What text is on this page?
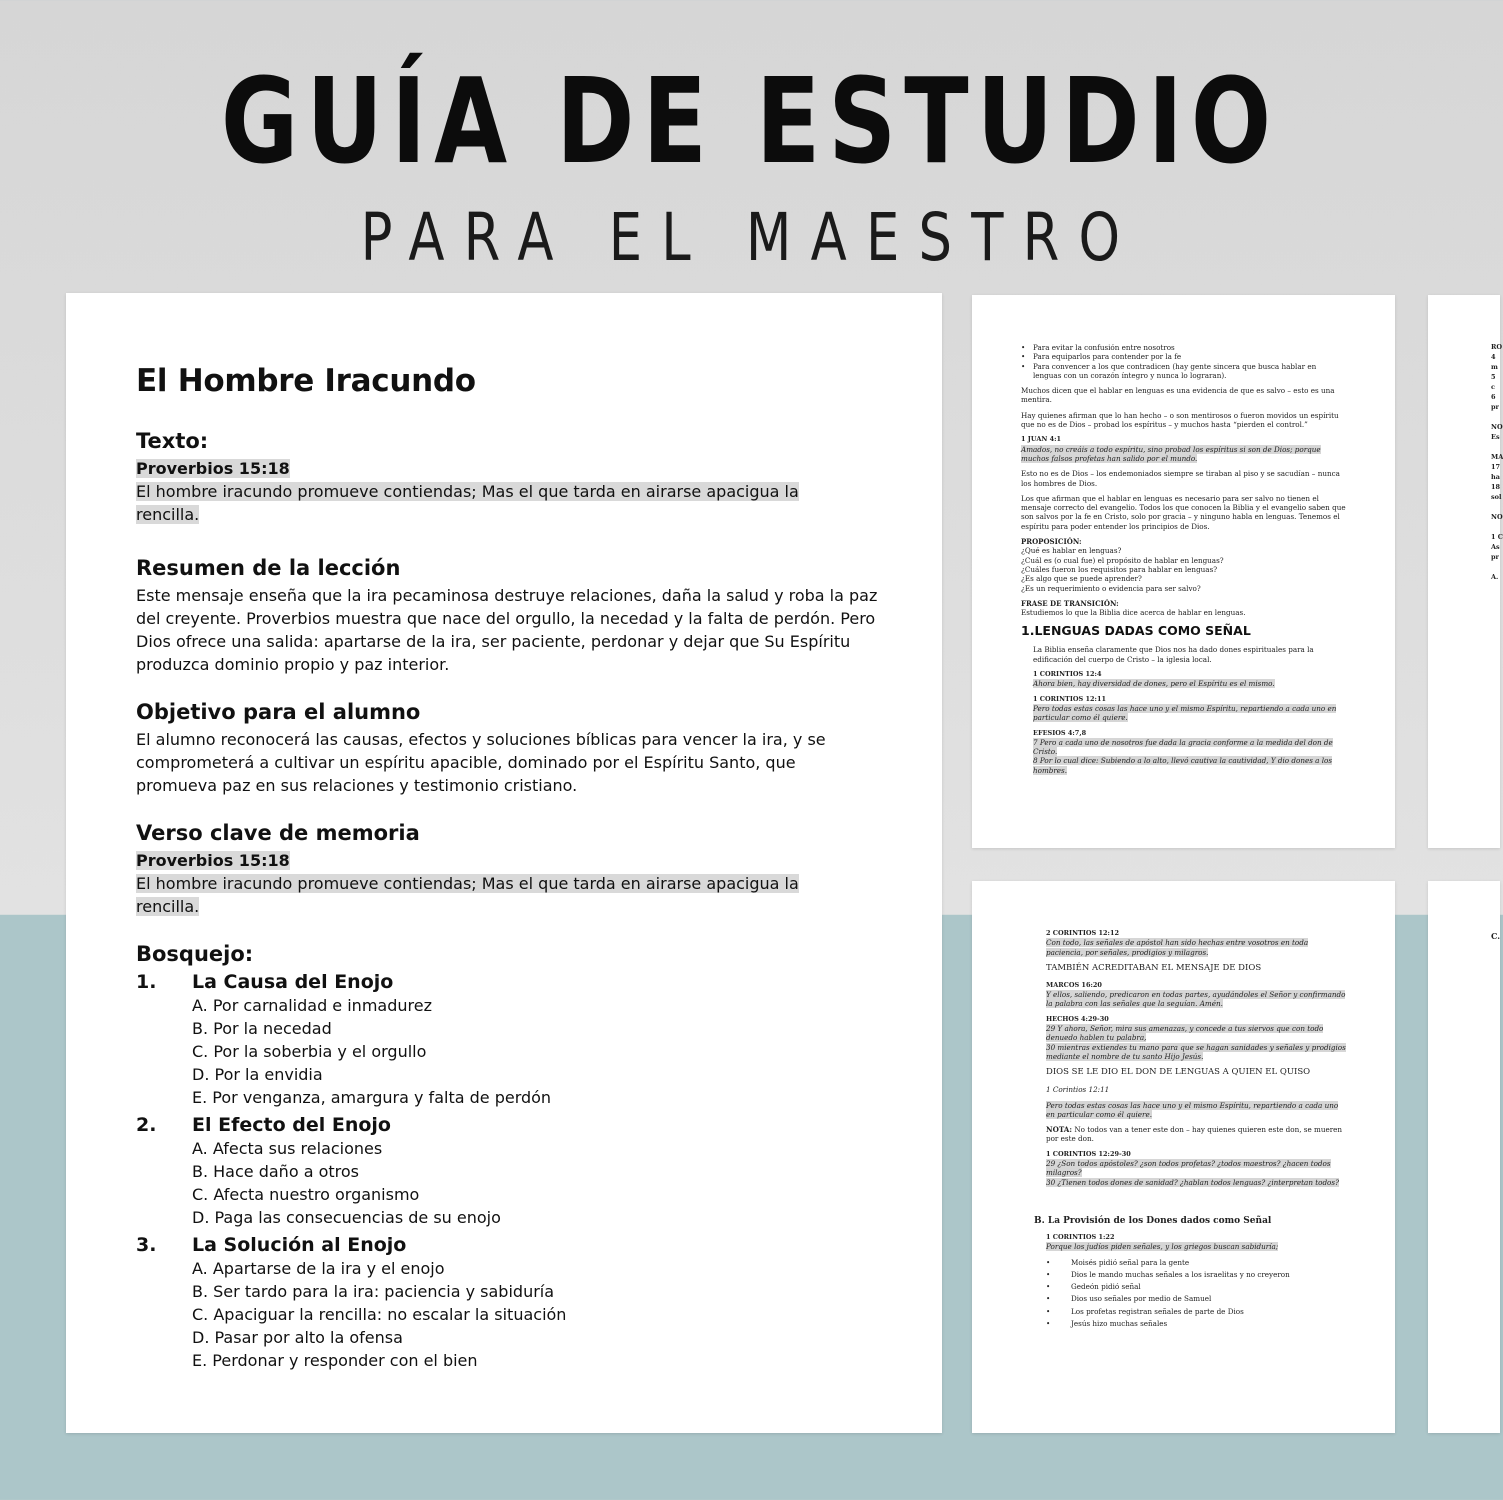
GUÍA DE ESTUDIO
PARA EL MAESTRO
El Hombre Iracundo
Texto:
Proverbios 15:18
El hombre iracundo promueve contiendas; Mas el que tarda en airarse apacigua la rencilla.
Resumen de la lección
Este mensaje enseña que la ira pecaminosa destruye relaciones, daña la salud y roba la paz del creyente. Proverbios muestra que nace del orgullo, la necedad y la falta de perdón. Pero Dios ofrece una salida: apartarse de la ira, ser paciente, perdonar y dejar que Su Espíritu produzca dominio propio y paz interior.
Objetivo para el alumno
El alumno reconocerá las causas, efectos y soluciones bíblicas para vencer la ira, y se comprometerá a cultivar un espíritu apacible, dominado por el Espíritu Santo, que promueva paz en sus relaciones y testimonio cristiano.
Verso clave de memoria
Proverbios 15:18
El hombre iracundo promueve contiendas; Mas el que tarda en airarse apacigua la rencilla.
Bosquejo:
1.	La Causa del Enojo
A. Por carnalidad e inmadurez
B. Por la necedad
C. Por la soberbia y el orgullo
D. Por la envidia
E. Por venganza, amargura y falta de perdón
2.	El Efecto del Enojo
A. Afecta sus relaciones
B. Hace daño a otros
C. Afecta nuestro organismo
D. Paga las consecuencias de su enojo
3.	La Solución al Enojo
A. Apartarse de la ira y el enojo
B. Ser tardo para la ira: paciencia y sabiduría
C. Apaciguar la rencilla: no escalar la situación
D. Pasar por alto la ofensa
E. Perdonar y responder con el bien
•	Para evitar la confusión entre nosotros
•	Para equiparlos para contender por la fe
•	Para convencer a los que contradicen (hay gente sincera que busca hablar en lenguas con un corazón íntegro y nunca lo lograran).

Muchos dicen que el hablar en lenguas es una evidencia de que es salvo – esto es una mentira.

Hay quienes afirman que lo han hecho – o son mentirosos o fueron movidos un espíritu que no es de Dios – probad los espíritus – y muchos hasta “pierden el control.”

1 JUAN 4:1

Amados, no creáis a todo espíritu, sino probad los espíritus si son de Dios; porque muchos falsos profetas han salido por el mundo.

Esto no es de Dios – los endemoniados siempre se tiraban al piso y se sacudían – nunca los hombres de Dios.

Los que afirman que el hablar en lenguas es necesario para ser salvo no tienen el mensaje correcto del evangelio. Todos los que conocen la Biblia y el evangelio saben que son salvos por la fe en Cristo, solo por gracia – y ninguno habla en lenguas. Tenemos el espíritu para poder entender los principios de Dios.

PROPOSICIÓN:
¿Qué es hablar en lenguas?
¿Cuál es (o cual fue) el propósito de hablar en lenguas?
¿Cuáles fueron los requisitos para hablar en lenguas?
¿Es algo que se puede aprender?
¿Es un requerimiento o evidencia para ser salvo?
FRASE DE TRANSICIÓN:
Estudiemos lo que la Biblia dice acerca de hablar en lenguas.
1.LENGUAS DADAS COMO SEÑAL

La Biblia enseña claramente que Dios nos ha dado dones espirituales para la edificación del cuerpo de Cristo – la iglesia local.

1 CORINTIOS 12:4

Ahora bien, hay diversidad de dones, pero el Espíritu es el mismo.

1 CORINTIOS 12:11

Pero todas estas cosas las hace uno y el mismo Espíritu, repartiendo a cada uno en particular como él quiere.

EFESIOS 4:7,8
7 Pero a cada uno de nosotros fue dada la gracia conforme a la medida del don de Cristo.
8 Por lo cual dice: Subiendo a lo alto, llevó cautiva la cautividad, Y dio dones a los hombres.
RO
4
m
5
c
6
pr

NO
Es

MA
17
ha
18
sol

NO

1 C
As
pr

A.
2 CORINTIOS 12:12

Con todo, las señales de apóstol han sido hechas entre vosotros en toda paciencia, por señales, prodigios y milagros.

TAMBIÉN ACREDITABAN EL MENSAJE DE DIOS
MARCOS 16:20

Y ellos, saliendo, predicaron en todas partes, ayudándoles el Señor y confirmando la palabra con las señales que la seguían. Amén.

HECHOS 4:29-30
29 Y ahora, Señor, mira sus amenazas, y concede a tus siervos que con todo denuedo hablen tu palabra,

30 mientras extiendes tu mano para que se hagan sanidades y señales y prodigios mediante el nombre de tu santo Hijo Jesús.

DIOS SE LE DIO EL DON DE LENGUAS A QUIEN EL QUISO

1 Corintios 12:11

Pero todas estas cosas las hace uno y el mismo Espíritu, repartiendo a cada uno en particular como él quiere.

NOTA: No todos van a tener este don – hay quienes quieren este don, se mueren por este don.

1 CORINTIOS 12:29-30
29 ¿Son todos apóstoles? ¿son todos profetas? ¿todos maestros? ¿hacen todos milagros?

30 ¿Tienen todos dones de sanidad? ¿hablan todos lenguas? ¿interpretan todos?

B. La Provisión de los Dones dados como Señal
1 CORINTIOS 1:22

Porque los judíos piden señales, y los griegos buscan sabiduría;

•	Moisés pidió señal para la gente
•	Dios le mando muchas señales a los israelitas y no creyeron
•	Gedeón pidió señal
•	Dios uso señales por medio de Samuel
•	Los profetas registran señales de parte de Dios
•	Jesús hizo muchas señales
C.
